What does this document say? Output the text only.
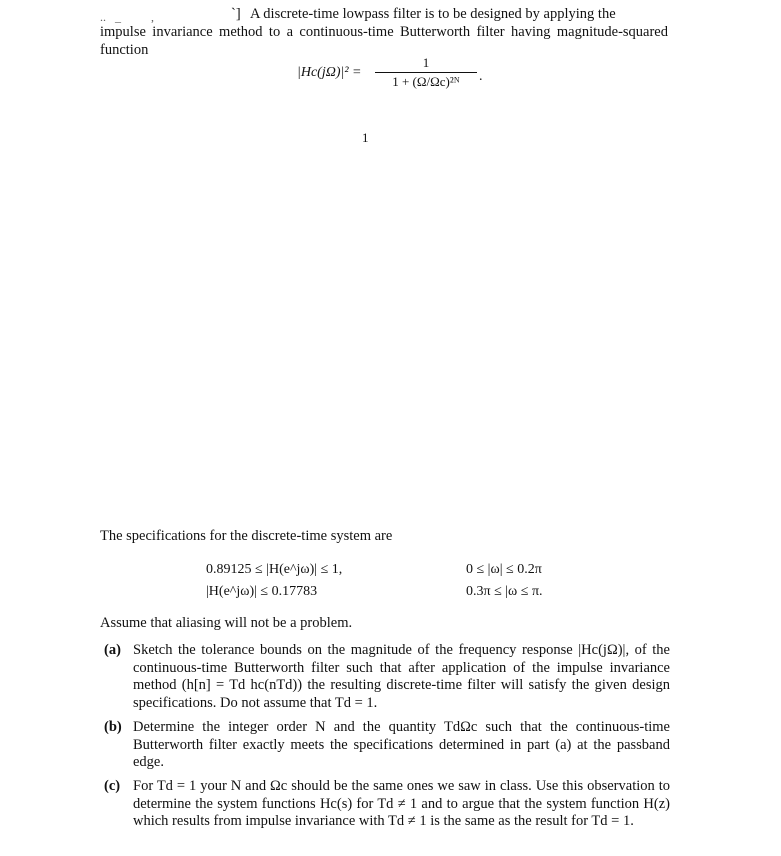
..   _          ,	`] A discrete-time lowpass filter is to be designed by applying the
impulse invariance method to a continuous-time Butterworth filter having magnitude-squared function
|Hc(jΩ)|² =
1
1 + (Ω/Ωc)²ᴺ	.
1
The specifications for the discrete-time system are
0.89125 ≤ |H(e^jω)| ≤ 1,	0 ≤ |ω| ≤ 0.2π
|H(e^jω)| ≤ 0.17783	0.3π ≤ |ω ≤ π.
Assume that aliasing will not be a problem.
(a) Sketch the tolerance bounds on the magnitude of the frequency response |Hc(jΩ)|, of the continuous-time Butterworth filter such that after application of the impulse invariance method (h[n] = Td hc(nTd)) the resulting discrete-time filter will satisfy the given design specifications. Do not assume that Td = 1.
(b) Determine the integer order N and the quantity TdΩc such that the continuous-time Butterworth filter exactly meets the specifications determined in part (a) at the passband edge.
(c) For Td = 1 your N and Ωc should be the same ones we saw in class. Use this observation to determine the system functions Hc(s) for Td ≠ 1 and to argue that the system function H(z) which results from impulse invariance with Td ≠ 1 is the same as the result for Td = 1.
